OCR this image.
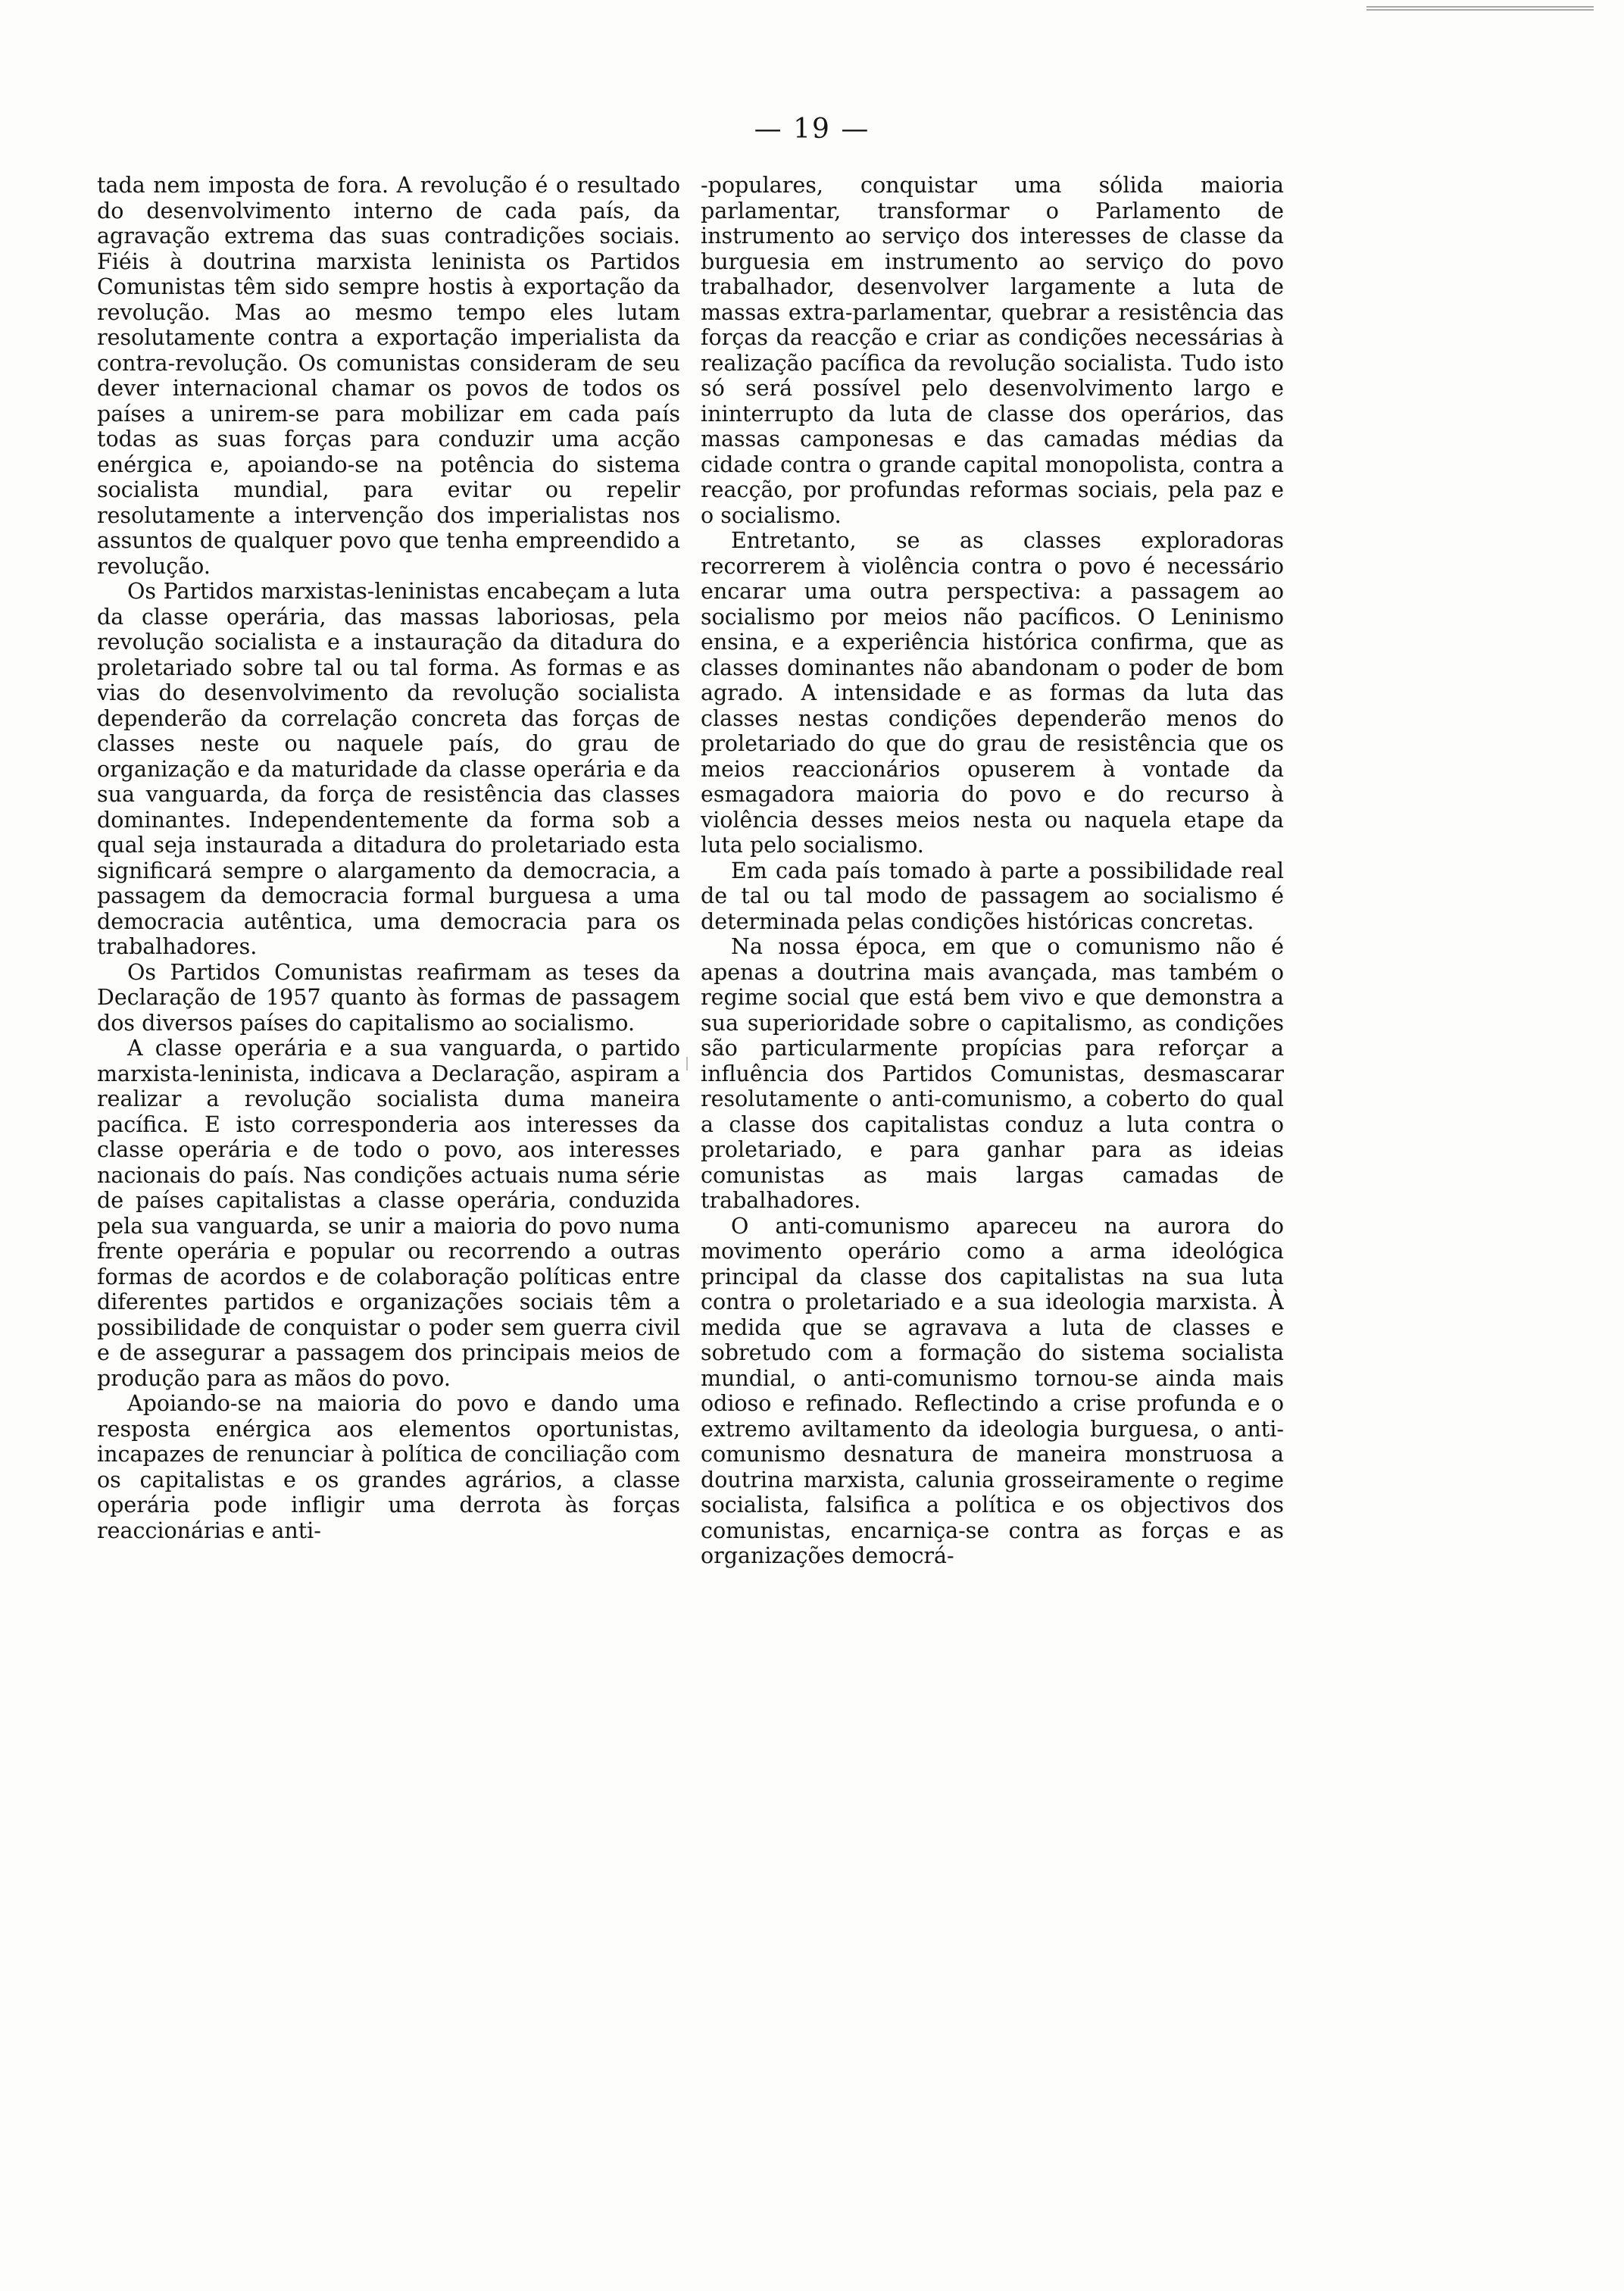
— 19 —

tada nem imposta de fora. A revolução é o resultado do desenvolvimento interno de cada país, da agravação extrema das suas contradições sociais. Fiéis à doutrina marxista leninista os Partidos Comunistas têm sido sempre hostis à exportação da revolução. Mas ao mesmo tempo eles lutam resolutamente contra a exportação imperialista da contra-revolução. Os comunistas consideram de seu dever internacional chamar os povos de todos os países a unirem-se para mobilizar em cada país todas as suas forças para conduzir uma acção enérgica e, apoiando-se na potência do sistema socialista mundial, para evitar ou repelir resolutamente a intervenção dos imperialistas nos assuntos de qualquer povo que tenha empreendido a revolução.

Os Partidos marxistas-leninistas encabeçam a luta da classe operária, das massas laboriosas, pela revolução socialista e a instauração da ditadura do proletariado sobre tal ou tal forma. As formas e as vias do desenvolvimento da revolução socialista dependerão da correlação concreta das forças de classes neste ou naquele país, do grau de organização e da maturidade da classe operária e da sua vanguarda, da força de resistência das classes dominantes. Independentemente da forma sob a qual seja instaurada a ditadura do proletariado esta significará sempre o alargamento da democracia, a passagem da democracia formal burguesa a uma democracia autêntica, uma democracia para os trabalhadores.

Os Partidos Comunistas reafirmam as teses da Declaração de 1957 quanto às formas de passagem dos diversos países do capitalismo ao socialismo.

A classe operária e a sua vanguarda, o partido marxista-leninista, indicava a Declaração, aspiram a realizar a revolução socialista duma maneira pacífica. E isto corresponderia aos interesses da classe operária e de todo o povo, aos interesses nacionais do país. Nas condições actuais numa série de países capitalistas a classe operária, conduzida pela sua vanguarda, se unir a maioria do povo numa frente operária e popular ou recorrendo a outras formas de acordos e de colaboração políticas entre diferentes partidos e organizações sociais têm a possibilidade de conquistar o poder sem guerra civil e de assegurar a passagem dos principais meios de produção para as mãos do povo.

Apoiando-se na maioria do povo e dando uma resposta enérgica aos elementos oportunistas, incapazes de renunciar à política de conciliação com os capitalistas e os grandes agrários, a classe operária pode infligir uma derrota às forças reaccionárias e anti-

-populares, conquistar uma sólida maioria parlamentar, transformar o Parlamento de instrumento ao serviço dos interesses de classe da burguesia em instrumento ao serviço do povo trabalhador, desenvolver largamente a luta de massas extra-parlamentar, quebrar a resistência das forças da reacção e criar as condições necessárias à realização pacífica da revolução socialista. Tudo isto só será possível pelo desenvolvimento largo e ininterrupto da luta de classe dos operários, das massas camponesas e das camadas médias da cidade contra o grande capital monopolista, contra a reacção, por profundas reformas sociais, pela paz e o socialismo.

Entretanto, se as classes exploradoras recorrerem à violência contra o povo é necessário encarar uma outra perspectiva: a passagem ao socialismo por meios não pacíficos. O Leninismo ensina, e a experiência histórica confirma, que as classes dominantes não abandonam o poder de bom agrado. A intensidade e as formas da luta das classes nestas condições dependerão menos do proletariado do que do grau de resistência que os meios reaccionários opuserem à vontade da esmagadora maioria do povo e do recurso à violência desses meios nesta ou naquela etape da luta pelo socialismo.

Em cada país tomado à parte a possibilidade real de tal ou tal modo de passagem ao socialismo é determinada pelas condições históricas concretas.

Na nossa época, em que o comunismo não é apenas a doutrina mais avançada, mas também o regime social que está bem vivo e que demonstra a sua superioridade sobre o capitalismo, as condições são particularmente propícias para reforçar a influência dos Partidos Comunistas, desmascarar resolutamente o anti-comunismo, a coberto do qual a classe dos capitalistas conduz a luta contra o proletariado, e para ganhar para as ideias comunistas as mais largas camadas de trabalhadores.

O anti-comunismo apareceu na aurora do movimento operário como a arma ideológica principal da classe dos capitalistas na sua luta contra o proletariado e a sua ideologia marxista. À medida que se agravava a luta de classes e sobretudo com a formação do sistema socialista mundial, o anti-comunismo tornou-se ainda mais odioso e refinado. Reflectindo a crise profunda e o extremo aviltamento da ideologia burguesa, o anti-comunismo desnatura de maneira monstruosa a doutrina marxista, calunia grosseiramente o regime socialista, falsifica a política e os objectivos dos comunistas, encarniça-se contra as forças e as organizações democrá-
